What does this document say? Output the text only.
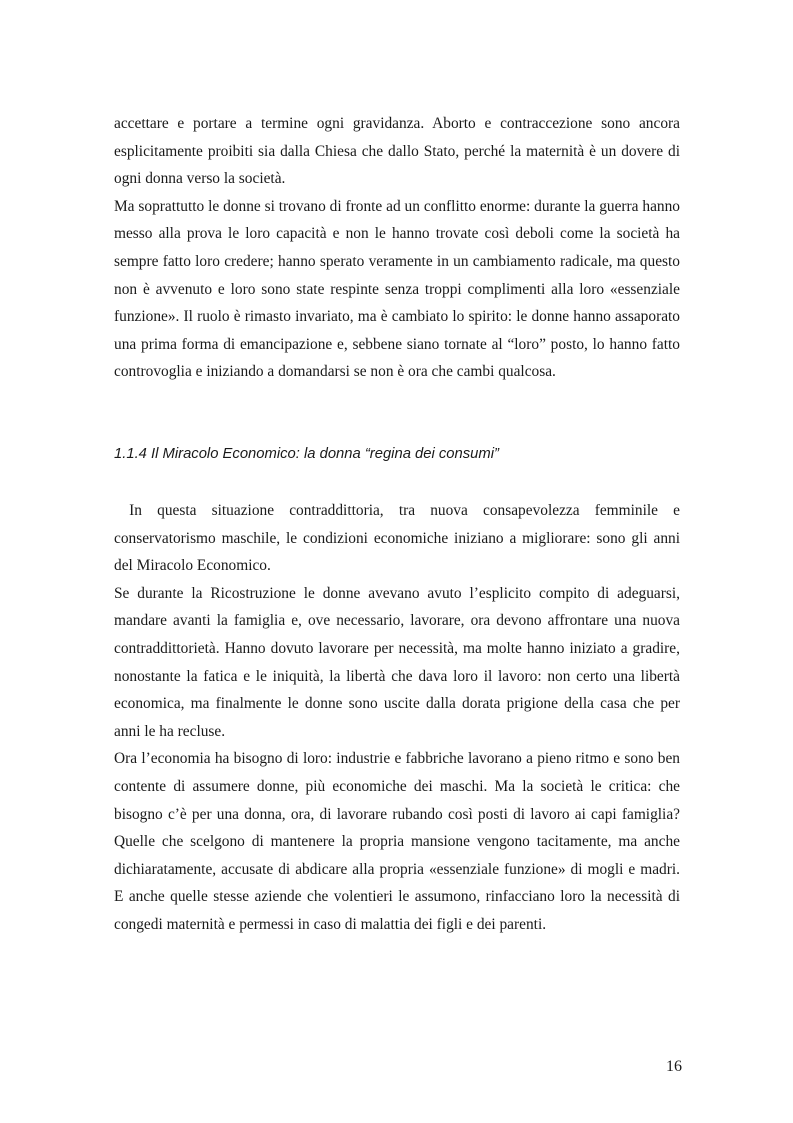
accettare e portare a termine ogni gravidanza. Aborto e contraccezione sono ancora esplicitamente proibiti sia dalla Chiesa che dallo Stato, perché la maternità è un dovere di ogni donna verso la società.

Ma soprattutto le donne si trovano di fronte ad un conflitto enorme: durante la guerra hanno messo alla prova le loro capacità e non le hanno trovate così deboli come la società ha sempre fatto loro credere; hanno sperato veramente in un cambiamento radicale, ma questo non è avvenuto e loro sono state respinte senza troppi complimenti alla loro «essenziale funzione». Il ruolo è rimasto invariato, ma è cambiato lo spirito: le donne hanno assaporato una prima forma di emancipazione e, sebbene siano tornate al “loro” posto, lo hanno fatto controvoglia e iniziando a domandarsi se non è ora che cambi qualcosa.

1.1.4 Il Miracolo Economico: la donna “regina dei consumi”

In questa situazione contraddittoria, tra nuova consapevolezza femminile e conservatorismo maschile, le condizioni economiche iniziano a migliorare: sono gli anni del Miracolo Economico.

Se durante la Ricostruzione le donne avevano avuto l’esplicito compito di adeguarsi, mandare avanti la famiglia e, ove necessario, lavorare, ora devono affrontare una nuova contraddittorietà. Hanno dovuto lavorare per necessità, ma molte hanno iniziato a gradire, nonostante la fatica e le iniquità, la libertà che dava loro il lavoro: non certo una libertà economica, ma finalmente le donne sono uscite dalla dorata prigione della casa che per anni le ha recluse.

Ora l’economia ha bisogno di loro: industrie e fabbriche lavorano a pieno ritmo e sono ben contente di assumere donne, più economiche dei maschi. Ma la società le critica: che bisogno c’è per una donna, ora, di lavorare rubando così posti di lavoro ai capi famiglia? Quelle che scelgono di mantenere la propria mansione vengono tacitamente, ma anche dichiaratamente, accusate di abdicare alla propria «essenziale funzione» di mogli e madri. E anche quelle stesse aziende che volentieri le assumono, rinfacciano loro la necessità di congedi maternità e permessi in caso di malattia dei figli e dei parenti.

16
